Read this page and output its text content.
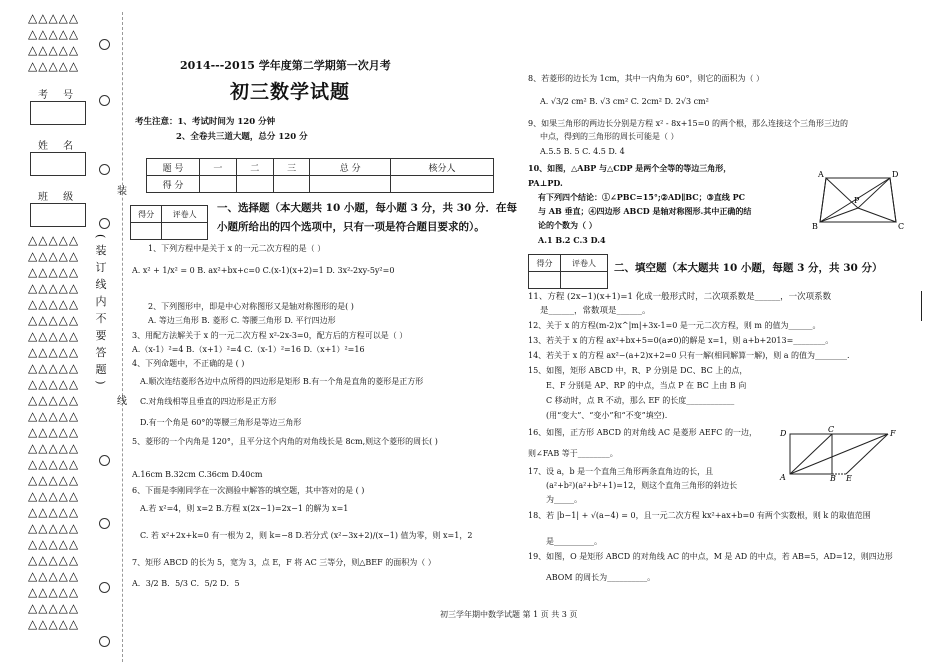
△△△△△
△△△△△
△△△△△
△△△△△
考 号
姓 名
班 级
△△△△△
△△△△△
△△△△△
△△△△△
△△△△△
△△△△△
△△△△△
△△△△△
△△△△△
△△△△△
△△△△△
△△△△△
△△△△△
△△△△△
△△△△△
△△△△△
△△△△△
△△△△△
△△△△△
△△△△△
△△△△△
△△△△△
△△△△△
△△△△△
△△△△△
(装订线内不要答题)
装
线
2014---2015 学年度第二学期第一次月考
初三数学试题
考生注意：1、考试时间为 120 分钟
2、全卷共三道大题，总分 120 分
题 号	一	二	三	总 分	核分人
得 分					
得分	评卷人
	一、选择题（本大题共 10 小题，每小题 3 分，共 30 分．在每
小题所给出的四个选项中，只有一项是符合题目要求的）。
1、下列方程中是关于 x 的一元二次方程的是（ ）
A. x² + 1/x² = 0 B. ax²+bx+c=0 C.(x-1)(x+2)=1 D. 3x²-2xy-5y²=0
2、下列图形中，即是中心对称图形又是轴对称图形的是( )
A. 等边三角形 B. 菱形 C. 等腰三角形 D. 平行四边形
3、用配方法解关于 x 的一元二次方程 x²-2x-3=0，配方后的方程可以是（ ）
A.（x-1）²=4 B.（x+1）²=4 C.（x-1）²=16 D.（x+1）²=16
4、下列命题中，不正确的是 ( )
A.顺次连结菱形各边中点所得的四边形是矩形 B.有一个角是直角的菱形是正方形
C.对角线相等且垂直的四边形是正方形
D.有一个角是 60°的等腰三角形是等边三角形
5、菱形的一个内角是 120°，且平分这个内角的对角线长是 8cm,则这个菱形的周长( )
A.16cm B.32cm C.36cm D.40cm
6、下面是李刚同学在一次测验中解答的填空题，其中答对的是 ( )
A.若 x²=4，则 x=2 B.方程 x(2x−1)=2x−1 的解为 x=1
C. 若 x²+2x+k=0 有一根为 2，则 k=−8 D.若分式 (x²−3x+2)/(x−1) 值为零，则 x=1，2
7、矩形 ABCD 的长为 5，宽为 3，点 E，F 将 AC 三等分，则△BEF 的面积为（ ）
A．3/2 B．5/3 C．5/2 D．5
8、若菱形的边长为 1cm，其中一内角为 60°，则它的面积为（ ）
A. √3/2 cm² B. √3 cm² C. 2cm² D. 2√3 cm²
9、如果三角形的两边长分别是方程 x² - 8x+15=0 的两个根，那么连接这个三角形三边的
中点，得到的三角形的周长可能是（ ）
A.5.5 B. 5 C. 4.5 D. 4
10、如图，△ABP 与△CDP 是两个全等的等边三角形，
PA⊥PD.
有下列四个结论：①∠PBC=15°;②AD∥BC；③直线 PC
与 AB 垂直；④四边形 ABCD 是轴对称图形.其中正确的结
论的个数为（ ）
A.1 B.2 C.3 D.4
A	D
P
B	C
得分	评卷人
	二、填空题（本大题共 10 小题，每题 3 分，共 30 分）
11、方程 (2x−1)(x+1)=1 化成一般形式时，二次项系数是______，一次项系数
是______，常数项是______。
12、关于 x 的方程(m-2)x^|m|+3x-1=0 是一元二次方程，则 m 的值为______。
13、若关于 x 的方程 ax²+bx+5=0(a≠0)的解是 x=1，则 a+b+2013=________。
14、若关于 x 的方程 ax²−(a+2)x+2=0 只有一解(相同解算一解)，则 a 的值为________.
15、如图，矩形 ABCD 中，R、P 分别是 DC、BC 上的点，
E、F 分别是 AP、RP 的中点，当点 P 在 BC 上由 B 向
C 移动时，点 R 不动，那么 EF 的长度____________
(用“变大”、“变小”和“不变”填空).
16、如图，正方形 ABCD 的对角线 AC 是菱形 AEFC 的一边，
则∠FAB 等于________。
D	C	F
A	B E
17、设 a，b 是一个直角三角形两条直角边的长，且
(a²+b²)(a²+b²+1)=12，则这个直角三角形的斜边长
为_____。
18、若 |b−1| + √(a−4) = 0，且一元二次方程 kx²+ax+b=0 有两个实数根，则 k 的取值范围
是__________。
19、如图，O 是矩形 ABCD 的对角线 AC 的中点，M 是 AD 的中点，若 AB=5，AD=12，则四边形
ABOM 的周长为__________。
初三学年期中数学试题 第 1 页 共 3 页
